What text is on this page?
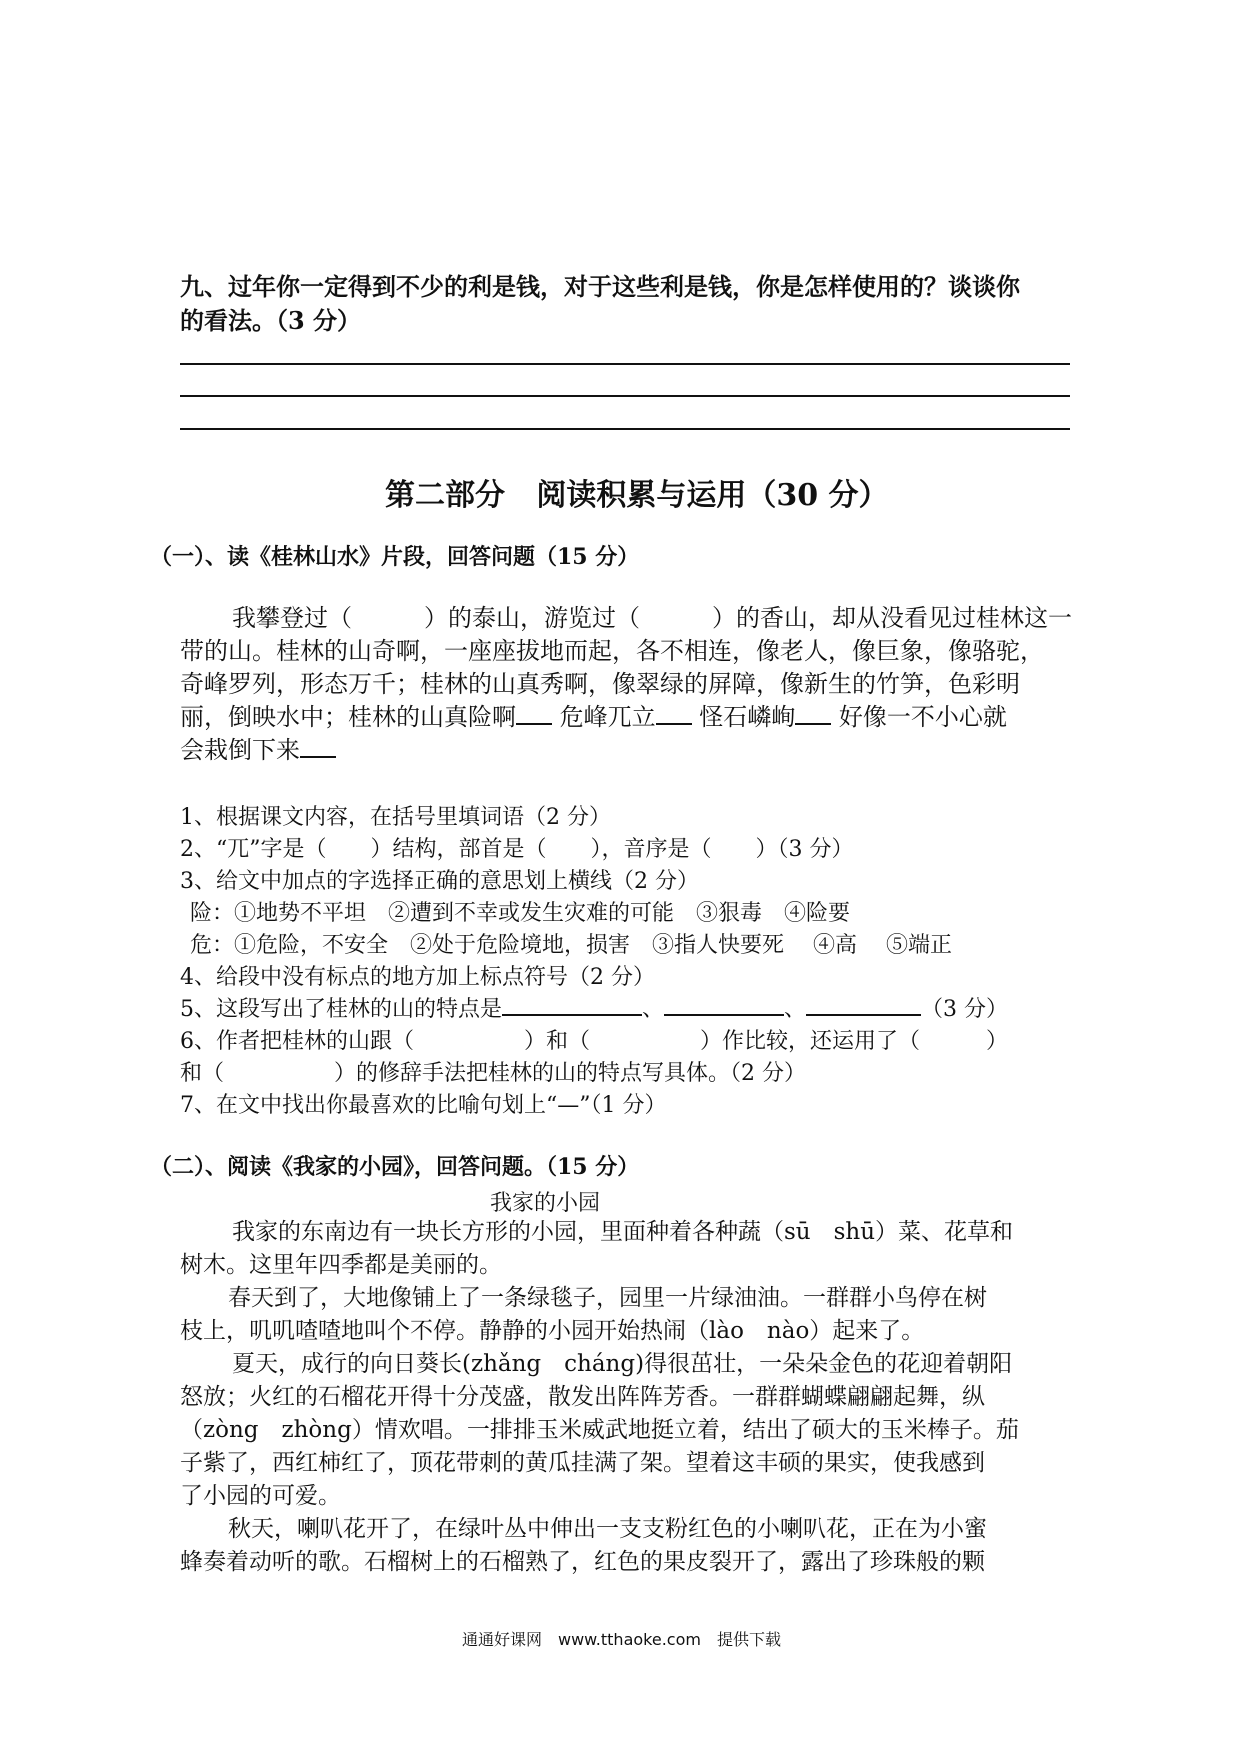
九、过年你一定得到不少的利是钱，对于这些利是钱，你是怎样使用的？谈谈你
的看法。（3 分）
第二部分   阅读积累与运用（30 分）
（一）、读《桂林山水》片段，回答问题（15 分）
我攀登过（　　　）的泰山，游览过（　　　）的香山，却从没看见过桂林这一
带的山。桂林的山奇啊，一座座拔地而起，各不相连，像老人，像巨象，像骆驼，
奇峰罗列，形态万千；桂林的山真秀啊，像翠绿的屏障，像新生的竹笋，色彩明
丽，倒映水中；桂林的山真险啊 危峰兀立 怪石嶙峋 好像一不小心就
会栽倒下来
1、根据课文内容，在括号里填词语（2 分）
2、“兀”字是（　　）结构，部首是（　　），音序是（　　）（3 分）
3、给文中加点的字选择正确的意思划上横线（2 分）
险：①地势不平坦　②遭到不幸或发生灾难的可能　③狠毒　④险要
危：①危险，不安全　②处于危险境地，损害　③指人快要死　 ④高　 ⑤端正
4、给段中没有标点的地方加上标点符号（2 分）
5、这段写出了桂林的山的特点是	、	、	（3 分）
6、作者把桂林的山跟（　　　　　）和（　　　　　）作比较，还运用了（　　　）
和（　　　　　）的修辞手法把桂林的山的特点写具体。（2 分）
7、在文中找出你最喜欢的比喻句划上“—”（1 分）
（二）、阅读《我家的小园》，回答问题。（15 分）
我家的小园
我家的东南边有一块长方形的小园，里面种着各种蔬（sū　shū）菜、花草和
树木。这里年四季都是美丽的。
春天到了，大地像铺上了一条绿毯子，园里一片绿油油。一群群小鸟停在树
枝上，叽叽喳喳地叫个不停。静静的小园开始热闹（lào　nào）起来了。
夏天，成行的向日葵长(zhǎng　cháng)得很茁壮，一朵朵金色的花迎着朝阳
怒放；火红的石榴花开得十分茂盛，散发出阵阵芳香。一群群蝴蝶翩翩起舞，纵
（zòng　zhòng）情欢唱。一排排玉米威武地挺立着，结出了硕大的玉米棒子。茄
子紫了，西红柿红了，顶花带刺的黄瓜挂满了架。望着这丰硕的果实，使我感到
了小园的可爱。
秋天，喇叭花开了，在绿叶丛中伸出一支支粉红色的小喇叭花，正在为小蜜
蜂奏着动听的歌。石榴树上的石榴熟了，红色的果皮裂开了，露出了珍珠般的颗
通通好课网　www.tthaoke.com　提供下载
